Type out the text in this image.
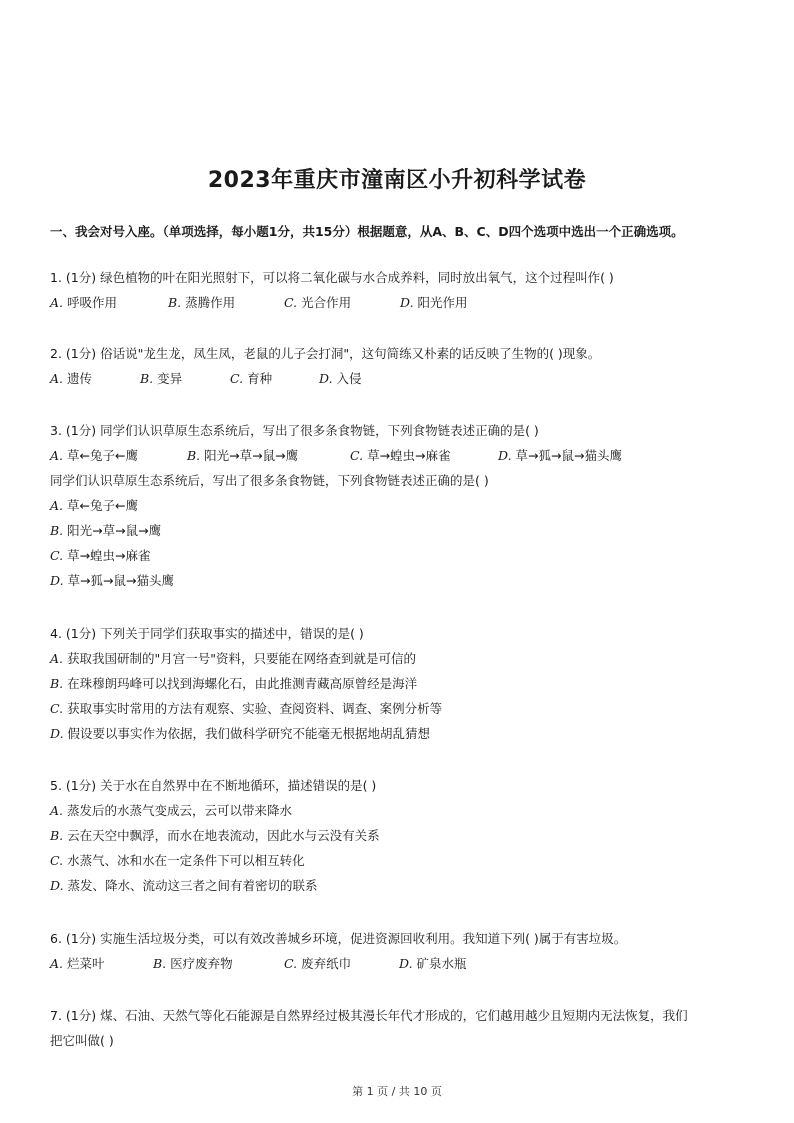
2023年重庆市潼南区小升初科学试卷
一、我会对号入座。（单项选择，每小题1分，共15分）根据题意，从A、B、C、D四个选项中选出一个正确选项。
1. (1分) 绿色植物的叶在阳光照射下，可以将二氧化碳与水合成养料，同时放出氧气，这个过程叫作( )
A. 呼吸作用	B. 蒸腾作用	C. 光合作用	D. 阳光作用
2. (1分) 俗话说"龙生龙，凤生凤，老鼠的儿子会打洞"，这句简练又朴素的话反映了生物的( )现象。
A. 遗传	B. 变异	C. 育种	D. 入侵
3. (1分) 同学们认识草原生态系统后，写出了很多条食物链，下列食物链表述正确的是( )
A. 草←兔子←鹰	B. 阳光→草→鼠→鹰	C. 草→蝗虫→麻雀	D. 草→狐→鼠→猫头鹰
同学们认识草原生态系统后，写出了很多条食物链，下列食物链表述正确的是( )
A. 草←兔子←鹰
B. 阳光→草→鼠→鹰
C. 草→蝗虫→麻雀
D. 草→狐→鼠→猫头鹰
4. (1分) 下列关于同学们获取事实的描述中，错误的是( )
A. 获取我国研制的"月宫一号"资料，只要能在网络查到就是可信的
B. 在珠穆朗玛峰可以找到海螺化石，由此推测青藏高原曾经是海洋
C. 获取事实时常用的方法有观察、实验、查阅资料、调查、案例分析等
D. 假设要以事实作为依据，我们做科学研究不能毫无根据地胡乱猜想
5. (1分) 关于水在自然界中在不断地循环，描述错误的是( )
A. 蒸发后的水蒸气变成云，云可以带来降水
B. 云在天空中飘浮，而水在地表流动，因此水与云没有关系
C. 水蒸气、冰和水在一定条件下可以相互转化
D. 蒸发、降水、流动这三者之间有着密切的联系
6. (1分) 实施生活垃圾分类，可以有效改善城乡环境，促进资源回收利用。我知道下列( )属于有害垃圾。
A. 烂菜叶	B. 医疗废弃物	C. 废弃纸巾	D. 矿泉水瓶
7. (1分) 煤、石油、天然气等化石能源是自然界经过极其漫长年代才形成的，它们越用越少且短期内无法恢复，我们
把它叫做( )
第 1 页 / 共 10 页
